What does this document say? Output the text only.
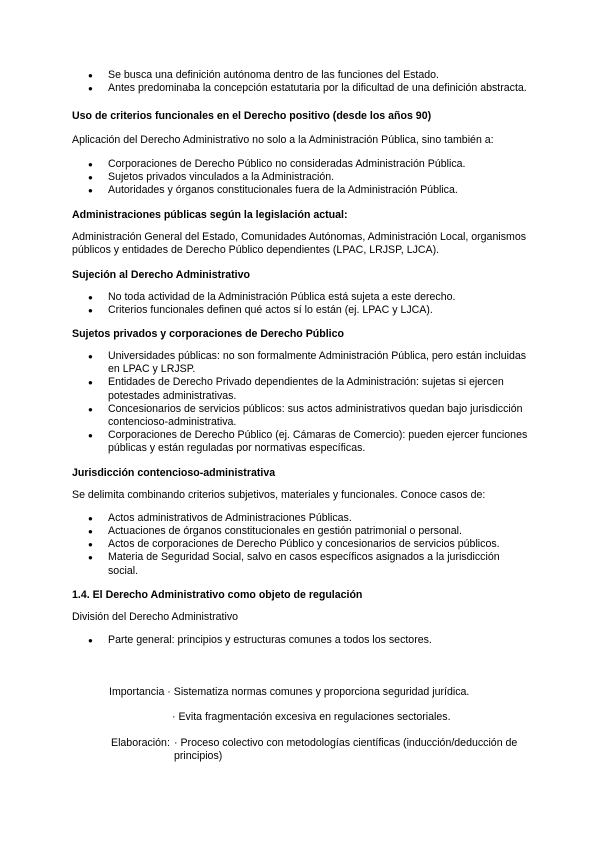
● Se busca una definición autónoma dentro de las funciones del Estado.
● Antes predominaba la concepción estatutaria por la dificultad de una definición abstracta.
Uso de criterios funcionales en el Derecho positivo (desde los años 90)
Aplicación del Derecho Administrativo no solo a la Administración Pública, sino también a:
● Corporaciones de Derecho Público no consideradas Administración Pública.
● Sujetos privados vinculados a la Administración.
● Autoridades y órganos constitucionales fuera de la Administración Pública.
Administraciones públicas según la legislación actual:
Administración General del Estado, Comunidades Autónomas, Administración Local, organismos públicos y entidades de Derecho Público dependientes (LPAC, LRJSP, LJCA).
Sujeción al Derecho Administrativo
● No toda actividad de la Administración Pública está sujeta a este derecho.
● Criterios funcionales definen qué actos sí lo están (ej. LPAC y LJCA).
Sujetos privados y corporaciones de Derecho Público
● Universidades públicas: no son formalmente Administración Pública, pero están incluidas en LPAC y LRJSP.
● Entidades de Derecho Privado dependientes de la Administración: sujetas si ejercen potestades administrativas.
● Concesionarios de servicios públicos: sus actos administrativos quedan bajo jurisdicción contencioso-administrativa.
● Corporaciones de Derecho Público (ej. Cámaras de Comercio): pueden ejercer funciones públicas y están reguladas por normativas específicas.
Jurisdicción contencioso-administrativa
Se delimita combinando criterios subjetivos, materiales y funcionales. Conoce casos de:
● Actos administrativos de Administraciones Públicas.
● Actuaciones de órganos constitucionales en gestión patrimonial o personal.
● Actos de corporaciones de Derecho Público y concesionarios de servicios públicos.
● Materia de Seguridad Social, salvo en casos específicos asignados a la jurisdicción social.
1.4. El Derecho Administrativo como objeto de regulación
División del Derecho Administrativo
● Parte general: principios y estructuras comunes a todos los sectores.
Importancia · Sistematiza normas comunes y proporciona seguridad jurídica.
· Evita fragmentación excesiva en regulaciones sectoriales.
Elaboración: · Proceso colectivo con metodologías científicas (inducción/deducción de principios)
